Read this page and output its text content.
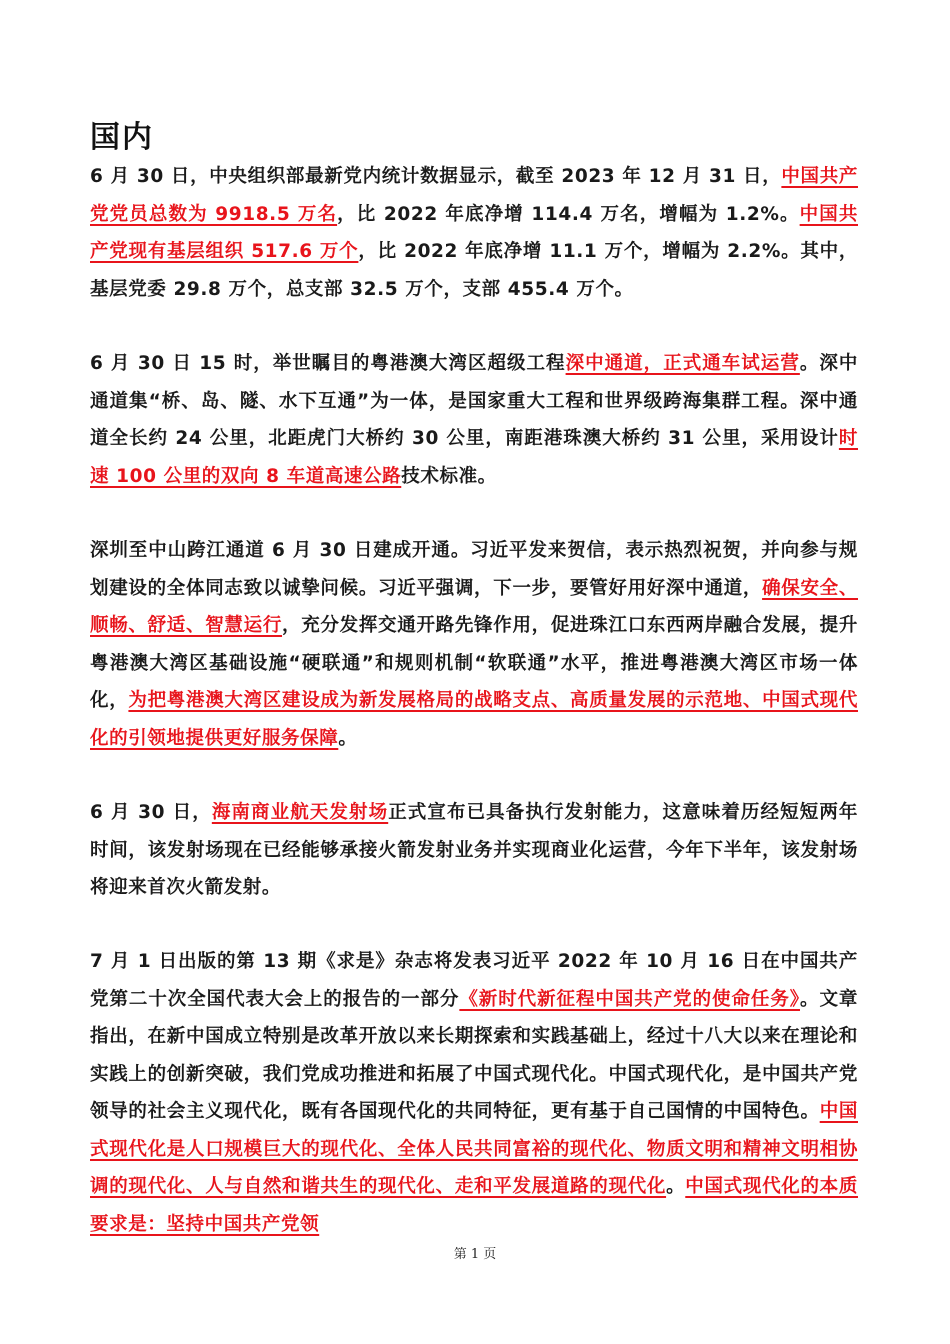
国内

6 月 30 日，中央组织部最新党内统计数据显示，截至 2023 年 12 月 31 日，中国共产党党员总数为 9918.5 万名，比 2022 年底净增 114.4 万名，增幅为 1.2%。中国共产党现有基层组织 517.6 万个，比 2022 年底净增 11.1 万个，增幅为 2.2%。其中，基层党委 29.8 万个，总支部 32.5 万个，支部 455.4 万个。

6 月 30 日 15 时，举世瞩目的粤港澳大湾区超级工程深中通道，正式通车试运营。深中通道集“桥、岛、隧、水下互通”为一体，是国家重大工程和世界级跨海集群工程。深中通道全长约 24 公里，北距虎门大桥约 30 公里，南距港珠澳大桥约 31 公里，采用设计时速 100 公里的双向 8 车道高速公路技术标准。

深圳至中山跨江通道 6 月 30 日建成开通。习近平发来贺信，表示热烈祝贺，并向参与规划建设的全体同志致以诚挚问候。习近平强调，下一步，要管好用好深中通道，确保安全、顺畅、舒适、智慧运行，充分发挥交通开路先锋作用，促进珠江口东西两岸融合发展，提升粤港澳大湾区基础设施“硬联通”和规则机制“软联通”水平，推进粤港澳大湾区市场一体化，为把粤港澳大湾区建设成为新发展格局的战略支点、高质量发展的示范地、中国式现代化的引领地提供更好服务保障。

6 月 30 日，海南商业航天发射场正式宣布已具备执行发射能力，这意味着历经短短两年时间，该发射场现在已经能够承接火箭发射业务并实现商业化运营，今年下半年，该发射场将迎来首次火箭发射。

7 月 1 日出版的第 13 期《求是》杂志将发表习近平 2022 年 10 月 16 日在中国共产党第二十次全国代表大会上的报告的一部分《新时代新征程中国共产党的使命任务》。文章指出，在新中国成立特别是改革开放以来长期探索和实践基础上，经过十八大以来在理论和实践上的创新突破，我们党成功推进和拓展了中国式现代化。中国式现代化，是中国共产党领导的社会主义现代化，既有各国现代化的共同特征，更有基于自己国情的中国特色。中国式现代化是人口规模巨大的现代化、全体人民共同富裕的现代化、物质文明和精神文明相协调的现代化、人与自然和谐共生的现代化、走和平发展道路的现代化。中国式现代化的本质要求是：坚持中国共产党领

第 1 页
